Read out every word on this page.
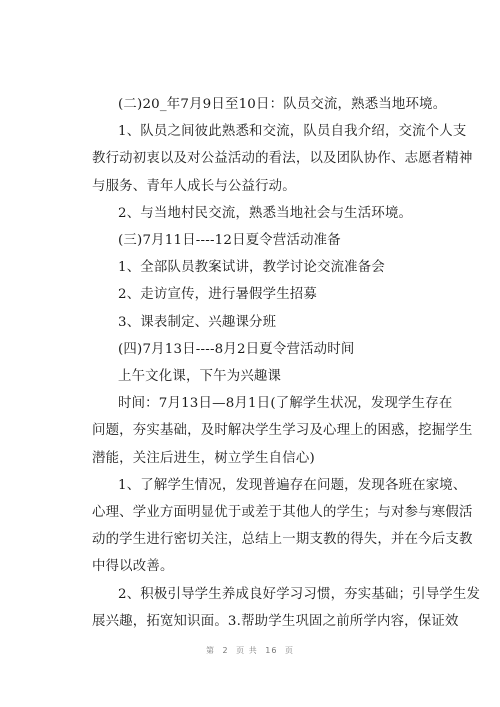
(二)20_年7月9日至10日：队员交流，熟悉当地环境。
1、队员之间彼此熟悉和交流，队员自我介绍，交流个人支
教行动初衷以及对公益活动的看法，以及团队协作、志愿者精神
与服务、青年人成长与公益行动。
2、与当地村民交流，熟悉当地社会与生活环境。
(三)7月11日----12日夏令营活动准备
1、全部队员教案试讲，教学讨论交流准备会
2、走访宣传，进行暑假学生招募
3、课表制定、兴趣课分班
(四)7月13日----8月2日夏令营活动时间
上午文化课，下午为兴趣课
时间：7月13日—8月1日(了解学生状况，发现学生存在
问题，夯实基础，及时解决学生学习及心理上的困惑，挖掘学生
潜能，关注后进生，树立学生自信心)
1、了解学生情况，发现普遍存在问题，发现各班在家境、
心理、学业方面明显优于或差于其他人的学生；与对参与寒假活
动的学生进行密切关注，总结上一期支教的得失，并在今后支教
中得以改善。
2、积极引导学生养成良好学习习惯，夯实基础；引导学生发
展兴趣，拓宽知识面。3.帮助学生巩固之前所学内容，保证效
第 2 页 共 16 页
